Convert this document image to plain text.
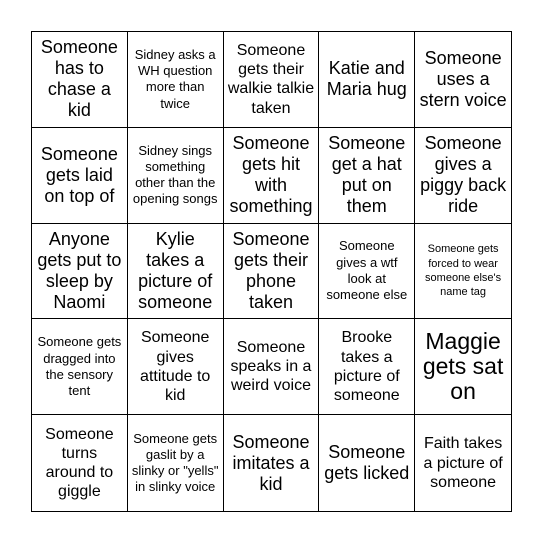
Someone has to chase a kid
Sidney asks a WH question more than twice
Someone gets their walkie talkie taken
Katie and Maria hug
Someone uses a stern voice
Someone gets laid on top of
Sidney sings something other than the opening songs
Someone gets hit with something
Someone get a hat put on them
Someone gives a piggy back ride
Anyone gets put to sleep by Naomi
Kylie takes a picture of someone
Someone gets their phone taken
Someone gives a wtf look at someone else
Someone gets forced to wear someone else's name tag
Someone gets dragged into the sensory tent
Someone gives attitude to kid
Someone speaks in a weird voice
Brooke takes a picture of someone
Maggie gets sat on
Someone turns around to giggle
Someone gets gaslit by a slinky or "yells" in slinky voice
Someone imitates a kid
Someone gets licked
Faith takes a picture of someone
